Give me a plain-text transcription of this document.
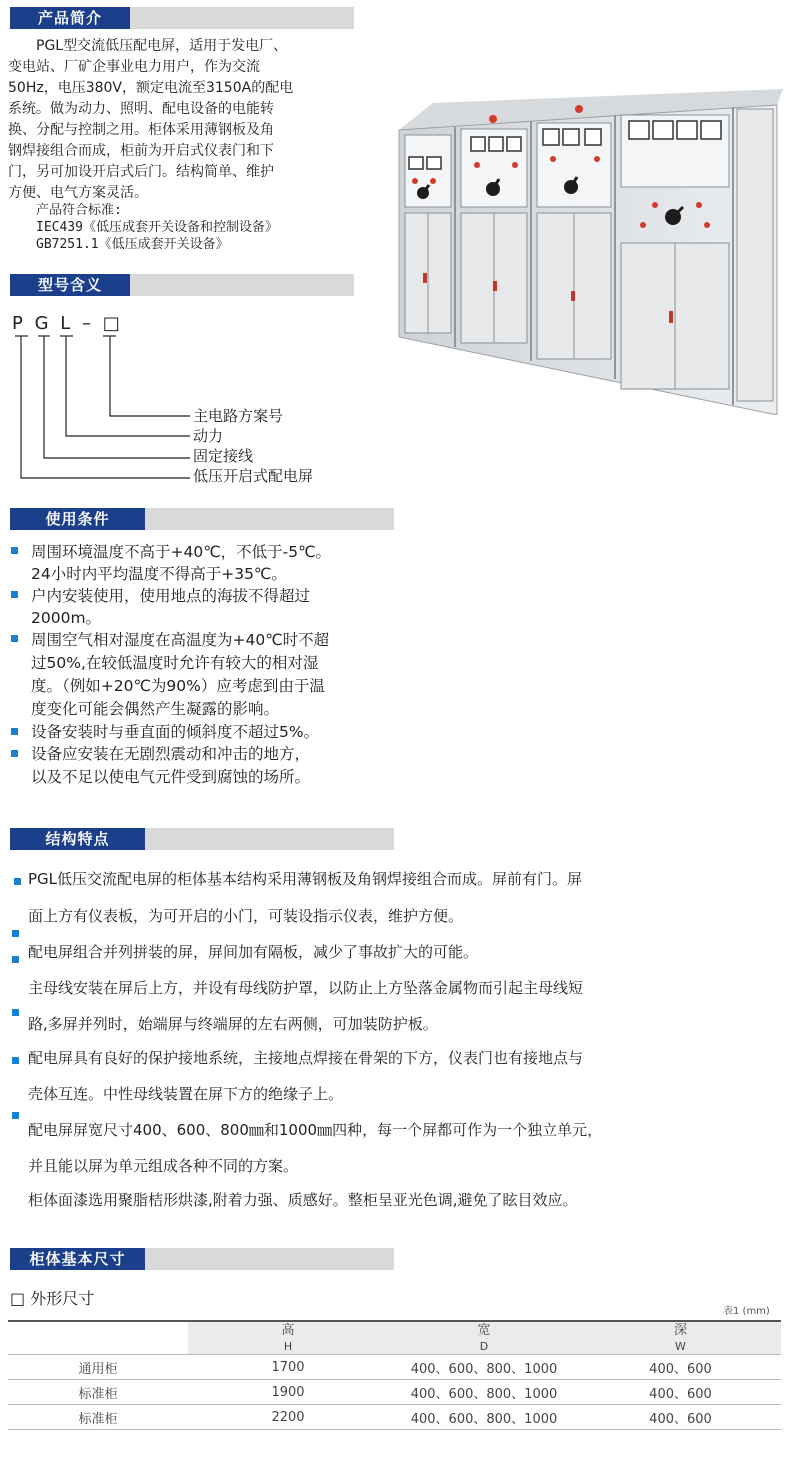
产品简介
PGL型交流低压配电屏，适用于发电厂、
变电站、厂矿企事业电力用户，作为交流
50Hz，电压380V，额定电流至3150A的配电
系统。做为动力、照明、配电设备的电能转
换、分配与控制之用。柜体采用薄钢板及角
钢焊接组合而成，柜前为开启式仪表门和下
门，另可加设开启式后门。结构简单、维护
方便、电气方案灵活。
产品符合标准:
IEC439《低压成套开关设备和控制设备》
GB7251.1《低压成套开关设备》
型号含义
P G L – □
主电路方案号
动力
固定接线
低压开启式配电屏
使用条件
周围环境温度不高于+40℃，不低于-5℃。
24小时内平均温度不得高于+35℃。
户内安装使用，使用地点的海拔不得超过
2000m。
周围空气相对湿度在高温度为+40℃时不超
过50%,在较低温度时允许有较大的相对湿
度。（例如+20℃为90%）应考虑到由于温
度变化可能会偶然产生凝露的影响。
设备安装时与垂直面的倾斜度不超过5%。
设备应安装在无剧烈震动和冲击的地方，
以及不足以使电气元件受到腐蚀的场所。
结构特点
PGL低压交流配电屏的柜体基本结构采用薄钢板及角钢焊接组合而成。屏前有门。屏
面上方有仪表板，为可开启的小门，可装设指示仪表，维护方便。
配电屏组合并列拼装的屏，屏间加有隔板，减少了事故扩大的可能。
主母线安装在屏后上方，并设有母线防护罩，以防止上方坠落金属物而引起主母线短
路,多屏并列时，始端屏与终端屏的左右两侧，可加装防护板。
配电屏具有良好的保护接地系统，主接地点焊接在骨架的下方，仪表门也有接地点与
壳体互连。中性母线装置在屏下方的绝缘子上。
配电屏屏宽尺寸400、600、800㎜和1000㎜四种，每一个屏都可作为一个独立单元，
并且能以屏为单元组成各种不同的方案。
柜体面漆选用聚脂桔形烘漆,附着力强、质感好。整柜呈亚光色调,避免了眩目效应。
柜体基本尺寸
□ 外形尺寸
表1 (mm)
	高	宽	深
	H	D	W
通用柜	1700	400、600、800、1000	400、600
标准柜	1900	400、600、800、1000	400、600
标准柜	2200	400、600、800、1000	400、600
